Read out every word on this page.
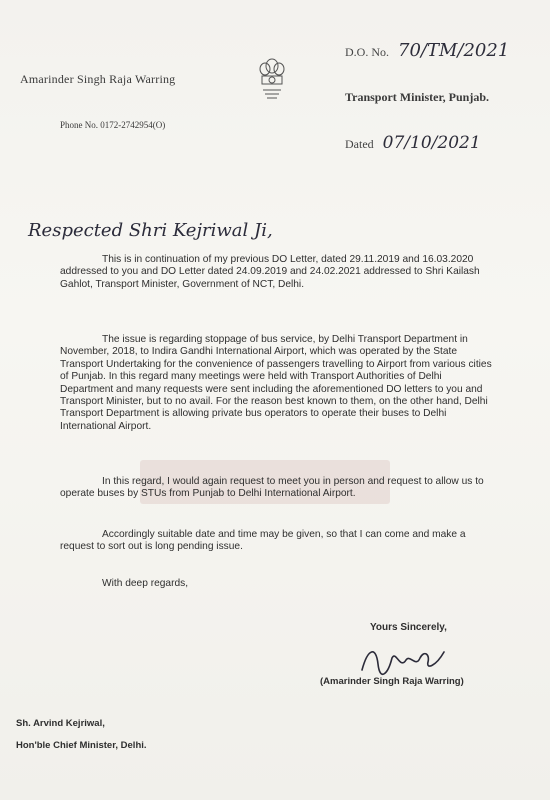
Amarinder Singh Raja Warring
Phone No. 0172-2742954(O)
D.O. No. 70/TM/2021
Transport Minister, Punjab.
Dated 07/10/2021
Respected Shri Kejriwal Ji,
This is in continuation of my previous DO Letter, dated 29.11.2019 and 16.03.2020 addressed to you and DO Letter dated 24.09.2019 and 24.02.2021 addressed to Shri Kailash Gahlot, Transport Minister, Government of NCT, Delhi.
The issue is regarding stoppage of bus service, by Delhi Transport Department in November, 2018, to Indira Gandhi International Airport, which was operated by the State Transport Undertaking for the convenience of passengers travelling to Airport from various cities of Punjab. In this regard many meetings were held with Transport Authorities of Delhi Department and many requests were sent including the aforementioned DO letters to you and Transport Minister, but to no avail. For the reason best known to them, on the other hand, Delhi Transport Department is allowing private bus operators to operate their buses to Delhi International Airport.
In this regard, I would again request to meet you in person and request to allow us to operate buses by STUs from Punjab to Delhi International Airport.
Accordingly suitable date and time may be given, so that I can come and make a request to sort out is long pending issue.
With deep regards,
Yours Sincerely,
(Amarinder Singh Raja Warring)
Sh. Arvind Kejriwal,
Hon'ble Chief Minister, Delhi.
